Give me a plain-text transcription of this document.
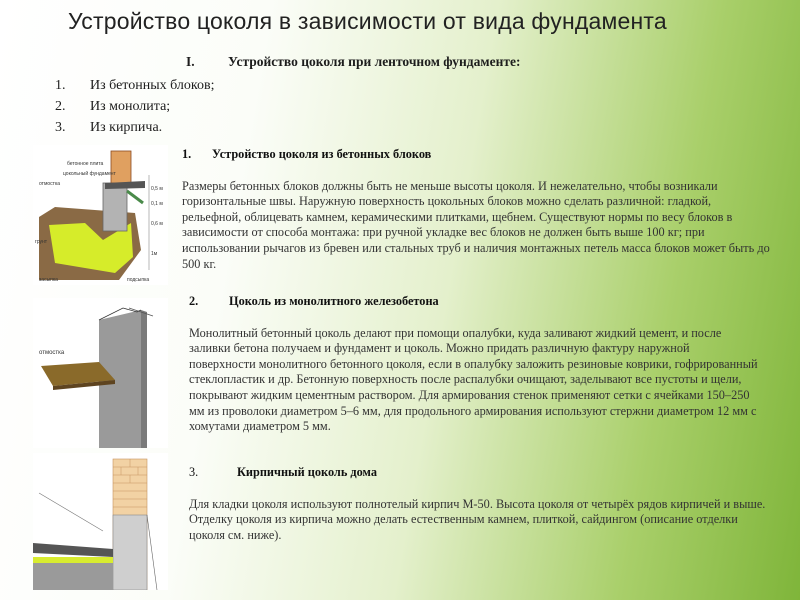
Устройство цоколя в зависимости от вида фундамента
I. Устройство цоколя при ленточном фундаменте:
1.	Из бетонных блоков;
2.	Из монолита;
3.	Из кирпича.
бетонное плита
отмостка
цокольный фундамент
0,5 м
0,1 м
грунт
0,6 м
1м
подсыпка
засыпка
отмостка
1. Устройство цоколя из бетонных блоков
Размеры бетонных блоков должны быть не меньше высоты цоколя. И нежелательно, чтобы возникали горизонтальные швы. Наружную поверхность цокольных блоков можно сделать различной: гладкой, рельефной, облицевать камнем, керамическими плитками, щебнем. Существуют нормы по весу блоков в зависимости от способа монтажа: при ручной укладке вес блоков не должен быть выше 100 кг; при использовании рычагов из бревен или стальных труб и наличия монтажных петель масса блоков может быть до 500 кг.
2.	Цоколь из монолитного железобетона
Монолитный бетонный цоколь делают при помощи опалубки, куда заливают жидкий цемент, и после заливки бетона получаем и фундамент и цоколь. Можно придать различную фактуру наружной поверхности монолитного бетонного цоколя, если в опалубку заложить резиновые коврики, гофрированный стеклопластик и др. Бетонную поверхность после распалубки очищают, заделывают все пустоты и щели, покрывают жидким цементным раствором. Для армирования стенок применяют сетки с ячейками 150–250 мм из проволоки диаметром 5–6 мм, для продольного армирования используют стержни диаметром 12 мм с хомутами диаметром 5 мм.
3.	Кирпичный цоколь дома
Для кладки цоколя используют полнотелый кирпич М-50. Высота цоколя от четырёх рядов кирпичей и выше. Отделку цоколя из кирпича можно делать естественным камнем, плиткой, сайдингом (описание отделки цоколя см. ниже).
